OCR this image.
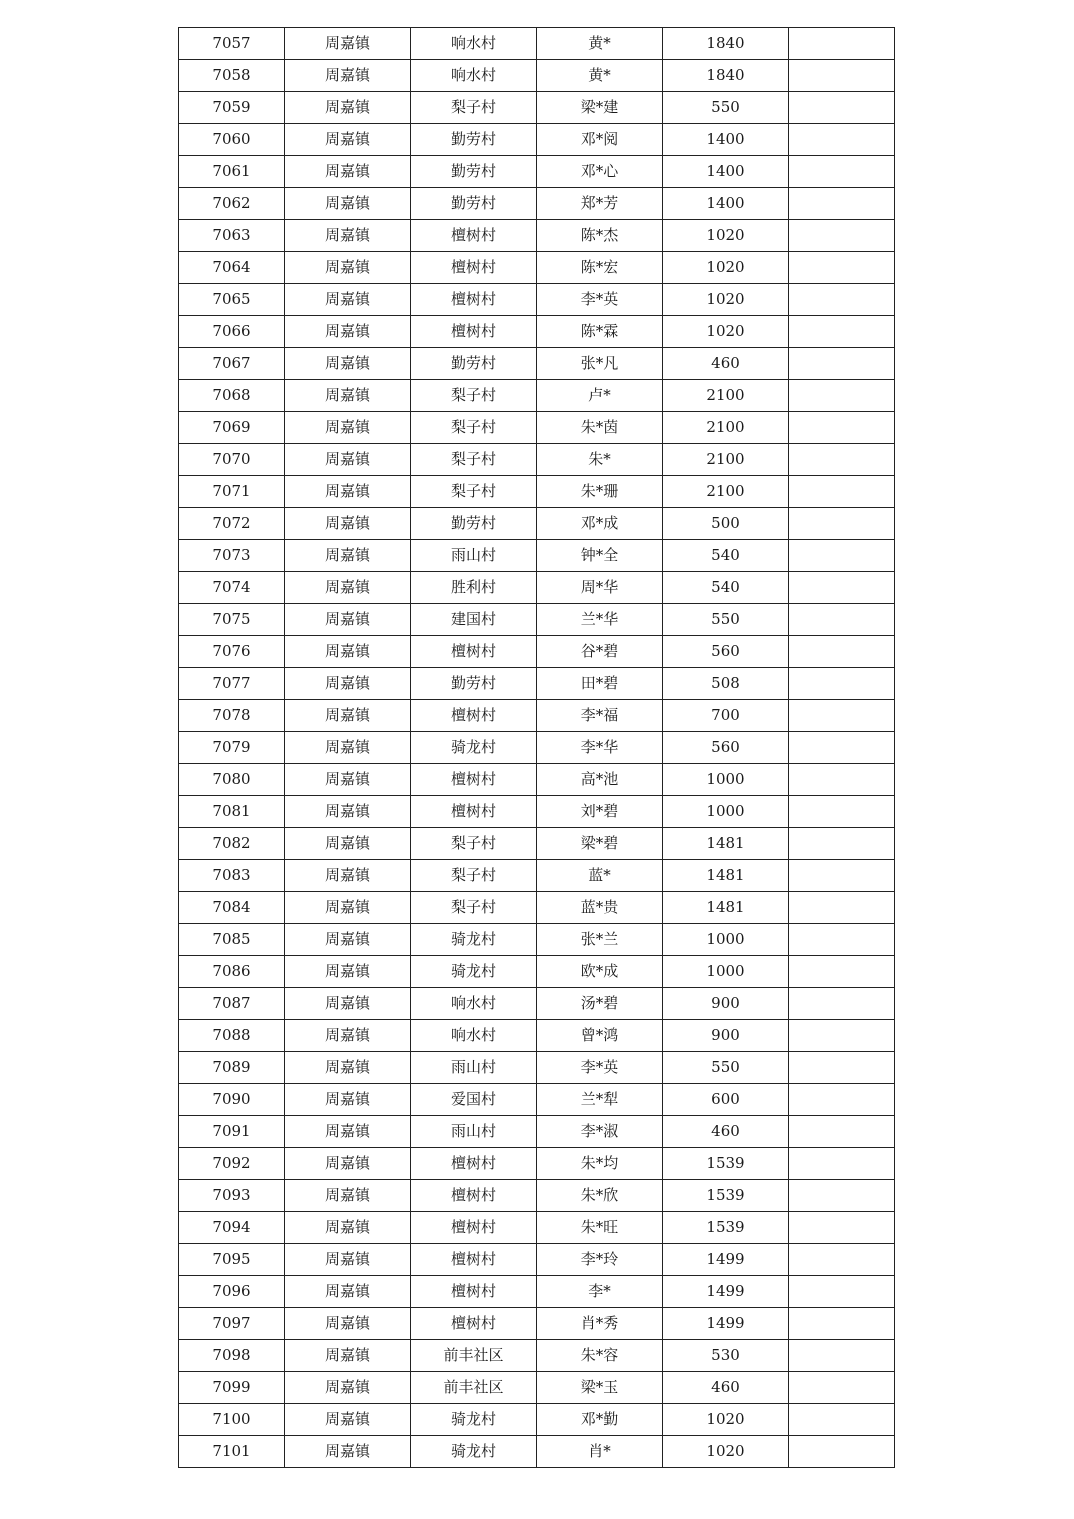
7057	周嘉镇	响水村	黄*	1840	
7058	周嘉镇	响水村	黄*	1840	
7059	周嘉镇	梨子村	梁*建	550	
7060	周嘉镇	勤劳村	邓*阅	1400	
7061	周嘉镇	勤劳村	邓*心	1400	
7062	周嘉镇	勤劳村	郑*芳	1400	
7063	周嘉镇	檀树村	陈*杰	1020	
7064	周嘉镇	檀树村	陈*宏	1020	
7065	周嘉镇	檀树村	李*英	1020	
7066	周嘉镇	檀树村	陈*霖	1020	
7067	周嘉镇	勤劳村	张*凡	460	
7068	周嘉镇	梨子村	卢*	2100	
7069	周嘉镇	梨子村	朱*茵	2100	
7070	周嘉镇	梨子村	朱*	2100	
7071	周嘉镇	梨子村	朱*珊	2100	
7072	周嘉镇	勤劳村	邓*成	500	
7073	周嘉镇	雨山村	钟*全	540	
7074	周嘉镇	胜利村	周*华	540	
7075	周嘉镇	建国村	兰*华	550	
7076	周嘉镇	檀树村	谷*碧	560	
7077	周嘉镇	勤劳村	田*碧	508	
7078	周嘉镇	檀树村	李*福	700	
7079	周嘉镇	骑龙村	李*华	560	
7080	周嘉镇	檀树村	高*池	1000	
7081	周嘉镇	檀树村	刘*碧	1000	
7082	周嘉镇	梨子村	梁*碧	1481	
7083	周嘉镇	梨子村	蓝*	1481	
7084	周嘉镇	梨子村	蓝*贵	1481	
7085	周嘉镇	骑龙村	张*兰	1000	
7086	周嘉镇	骑龙村	欧*成	1000	
7087	周嘉镇	响水村	汤*碧	900	
7088	周嘉镇	响水村	曾*鸿	900	
7089	周嘉镇	雨山村	李*英	550	
7090	周嘉镇	爱国村	兰*犁	600	
7091	周嘉镇	雨山村	李*淑	460	
7092	周嘉镇	檀树村	朱*均	1539	
7093	周嘉镇	檀树村	朱*欣	1539	
7094	周嘉镇	檀树村	朱*旺	1539	
7095	周嘉镇	檀树村	李*玲	1499	
7096	周嘉镇	檀树村	李*	1499	
7097	周嘉镇	檀树村	肖*秀	1499	
7098	周嘉镇	前丰社区	朱*容	530	
7099	周嘉镇	前丰社区	梁*玉	460	
7100	周嘉镇	骑龙村	邓*勤	1020	
7101	周嘉镇	骑龙村	肖*	1020	
